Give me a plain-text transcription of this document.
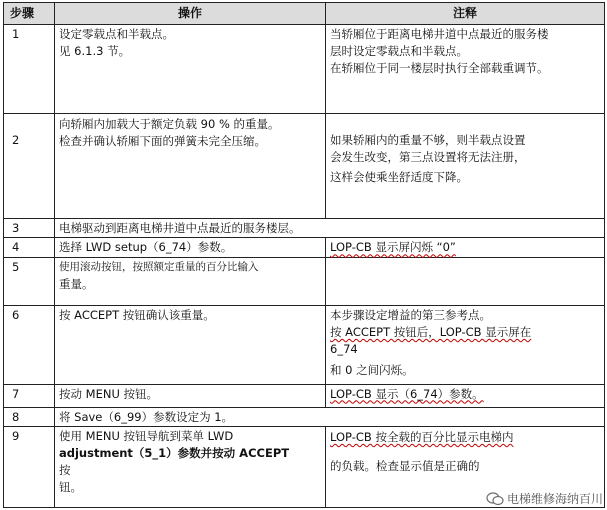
步骤	操作	注释
1	设定零载点和半载点。
见 6.1.3 节。	当轿厢位于距离电梯井道中点最近的服务楼
层时设定零载点和半载点。
在轿厢位于同一楼层时执行全部载重调节。

2	向轿厢内加载大于额定负载 90 % 的重量。
检查并确认轿厢下面的弹簧未完全压缩。	如果轿厢内的重量不够，则半载点设置
会发生改变，第三点设置将无法注册，
这样会使乘坐舒适度下降。

3	电梯驱动到距离电梯井道中点最近的服务楼层。	

4	选择 LWD setup（6_74）参数。	LOP-CB 显示屏闪烁 “0”

5	使用滚动按钮，按照额定重量的百分比输入
重量。	

6	按 ACCEPT 按钮确认该重量。	本步骤设定增益的第三参考点。
按 ACCEPT 按钮后，LOP-CB 显示屏在
6_74
和 0 之间闪烁。

7	按动 MENU 按钮。	LOP-CB 显示（6_74）参数。

8	将 Save（6_99）参数设定为 1。	

9	使用 MENU 按钮导航到菜单 LWD
adjustment（5_1）参数并按动 ACCEPT
按
钮。	LOP-CB 按全载的百分比显示电梯内
的负载。检查显示值是正确的
电梯维修海纳百川
